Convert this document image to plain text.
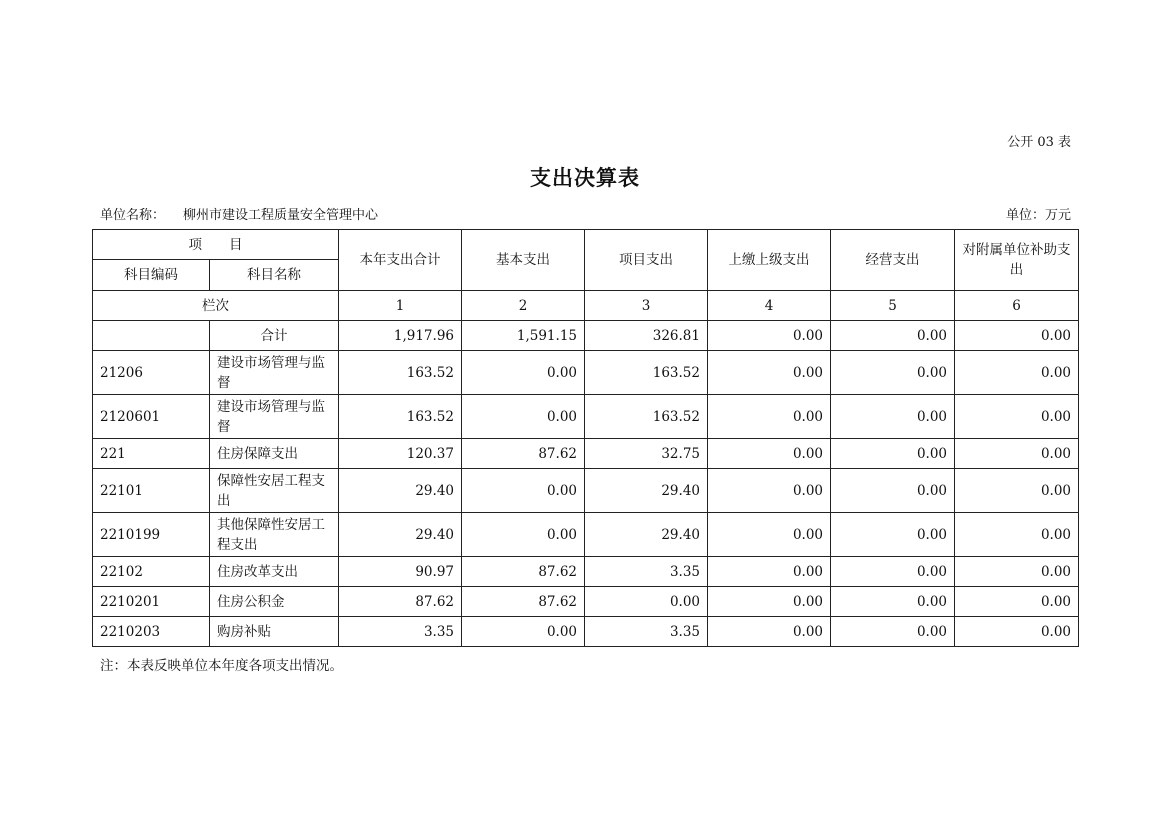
公开 03 表
支出决算表
单位名称： 柳州市建设工程质量安全管理中心	单位：万元
项　　目		本年支出合计	基本支出	项目支出	上缴上级支出	经营支出	对附属单位补助支出
科目编码	科目名称						
栏次		1	2	3	4	5	6
	合计	1,917.96	1,591.15	326.81	0.00	0.00	0.00
21206	建设市场管理与监督	163.52	0.00	163.52	0.00	0.00	0.00
2120601	建设市场管理与监督	163.52	0.00	163.52	0.00	0.00	0.00
221	住房保障支出	120.37	87.62	32.75	0.00	0.00	0.00
22101	保障性安居工程支出	29.40	0.00	29.40	0.00	0.00	0.00
2210199	其他保障性安居工程支出	29.40	0.00	29.40	0.00	0.00	0.00
22102	住房改革支出	90.97	87.62	3.35	0.00	0.00	0.00
2210201	住房公积金	87.62	87.62	0.00	0.00	0.00	0.00
2210203	购房补贴	3.35	0.00	3.35	0.00	0.00	0.00
注：本表反映单位本年度各项支出情况。
